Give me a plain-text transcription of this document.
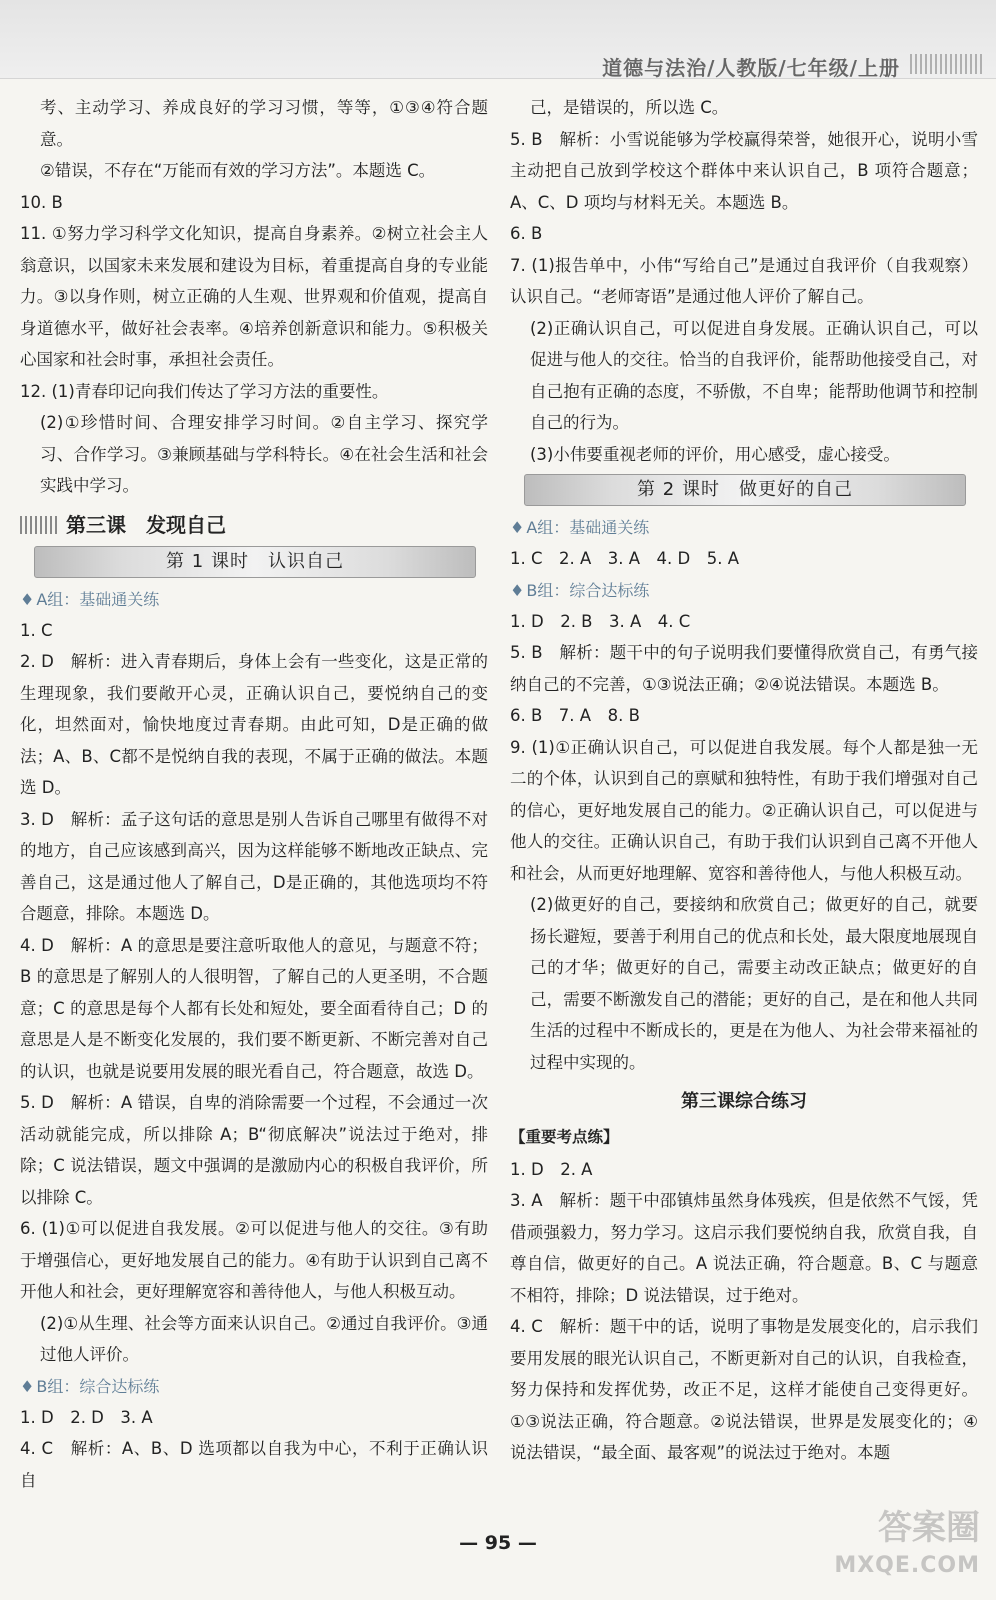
道德与法治/人教版/七年级/上册

考、主动学习、养成良好的学习习惯，等等，①③④符合题意。

②错误，不存在“万能而有效的学习方法”。本题选 C。

10. B

11. ①努力学习科学文化知识，提高自身素养。②树立社会主人翁意识，以国家未来发展和建设为目标，着重提高自身的专业能力。③以身作则，树立正确的人生观、世界观和价值观，提高自身道德水平，做好社会表率。④培养创新意识和能力。⑤积极关心国家和社会时事，承担社会责任。

12. (1)青春印记向我们传达了学习方法的重要性。

(2)①珍惜时间、合理安排学习时间。②自主学习、探究学习、合作学习。③兼顾基础与学科特长。④在社会生活和社会实践中学习。

第三课　发现自己
第 1 课时　认识自己
♦ A组：基础通关练

1. C

2. D　解析：进入青春期后，身体上会有一些变化，这是正常的生理现象，我们要敞开心灵，正确认识自己，要悦纳自己的变化，坦然面对，愉快地度过青春期。由此可知，D是正确的做法；A、B、C都不是悦纳自我的表现，不属于正确的做法。本题选 D。

3. D　解析：孟子这句话的意思是别人告诉自己哪里有做得不对的地方，自己应该感到高兴，因为这样能够不断地改正缺点、完善自己，这是通过他人了解自己，D是正确的，其他选项均不符合题意，排除。本题选 D。

4. D　解析：A 的意思是要注意听取他人的意见，与题意不符；B 的意思是了解别人的人很明智，了解自己的人更圣明，不合题意；C 的意思是每个人都有长处和短处，要全面看待自己；D 的意思是人是不断变化发展的，我们要不断更新、不断完善对自己的认识，也就是说要用发展的眼光看自己，符合题意，故选 D。

5. D　解析：A 错误，自卑的消除需要一个过程，不会通过一次活动就能完成，所以排除 A；B“彻底解决”说法过于绝对，排除；C 说法错误，题文中强调的是激励内心的积极自我评价，所以排除 C。

6. (1)①可以促进自我发展。②可以促进与他人的交往。③有助于增强信心，更好地发展自己的能力。④有助于认识到自己离不开他人和社会，更好理解宽容和善待他人，与他人积极互动。

(2)①从生理、社会等方面来认识自己。②通过自我评价。③通过他人评价。

♦ B组：综合达标练

1. D　2. D　3. A

4. C　解析：A、B、D 选项都以自我为中心，不利于正确认识自

己，是错误的，所以选 C。

5. B　解析：小雪说能够为学校赢得荣誉，她很开心，说明小雪主动把自己放到学校这个群体中来认识自己，B 项符合题意；A、C、D 项均与材料无关。本题选 B。

6. B

7. (1)报告单中，小伟“写给自己”是通过自我评价（自我观察）认识自己。“老师寄语”是通过他人评价了解自己。

(2)正确认识自己，可以促进自身发展。正确认识自己，可以促进与他人的交往。恰当的自我评价，能帮助他接受自己，对自己抱有正确的态度，不骄傲，不自卑；能帮助他调节和控制自己的行为。

(3)小伟要重视老师的评价，用心感受，虚心接受。

第 2 课时　做更好的自己
♦ A组：基础通关练

1. C　2. A　3. A　4. D　5. A

♦ B组：综合达标练

1. D　2. B　3. A　4. C

5. B　解析：题干中的句子说明我们要懂得欣赏自己，有勇气接纳自己的不完善，①③说法正确；②④说法错误。本题选 B。

6. B　7. A　8. B

9. (1)①正确认识自己，可以促进自我发展。每个人都是独一无二的个体，认识到自己的禀赋和独特性，有助于我们增强对自己的信心，更好地发展自己的能力。②正确认识自己，可以促进与他人的交往。正确认识自己，有助于我们认识到自己离不开他人和社会，从而更好地理解、宽容和善待他人，与他人积极互动。

(2)做更好的自己，要接纳和欣赏自己；做更好的自己，就要扬长避短，要善于利用自己的优点和长处，最大限度地展现自己的才华；做更好的自己，需要主动改正缺点；做更好的自己，需要不断激发自己的潜能；更好的自己，是在和他人共同生活的过程中不断成长的，更是在为他人、为社会带来福祉的过程中实现的。

第三课综合练习
【重要考点练】

1. D　2. A

3. A　解析：题干中邵镇炜虽然身体残疾，但是依然不气馁，凭借顽强毅力，努力学习。这启示我们要悦纳自我，欣赏自我，自尊自信，做更好的自己。A 说法正确，符合题意。B、C 与题意不相符，排除；D 说法错误，过于绝对。

4. C　解析：题干中的话，说明了事物是发展变化的，启示我们要用发展的眼光认识自己，不断更新对自己的认识，自我检查，努力保持和发挥优势，改正不足，这样才能使自己变得更好。①③说法正确，符合题意。②说法错误，世界是发展变化的；④说法错误，“最全面、最客观”的说法过于绝对。本题

— 95 —	答案圈
MXQE.COM
